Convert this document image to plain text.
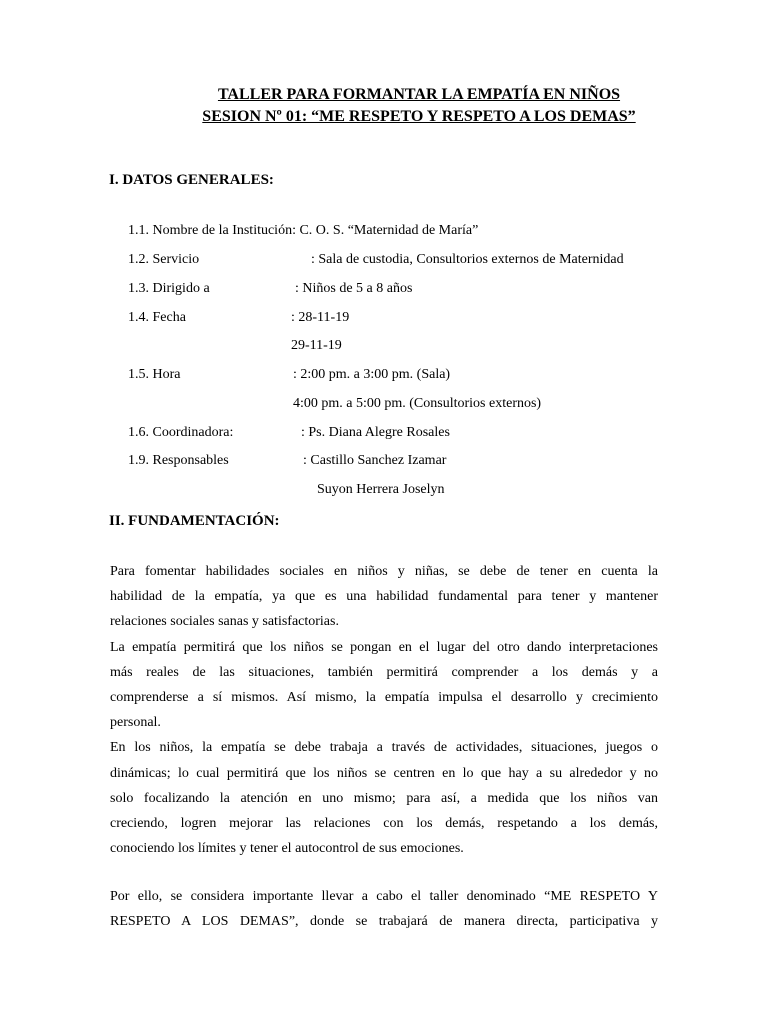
TALLER PARA FORMANTAR LA EMPATÍA EN NIÑOS
SESION Nº 01: “ME RESPETO Y RESPETO A LOS DEMAS”
I. DATOS GENERALES:
1.1. Nombre de la Institución: C. O. S. “Maternidad de María”
1.2. Servicio	: Sala de custodia, Consultorios externos de Maternidad
1.3. Dirigido a	: Niños de 5 a 8 años
1.4. Fecha	: 28-11-19
29-11-19
1.5. Hora	: 2:00 pm. a 3:00 pm. (Sala)
4:00 pm. a 5:00 pm. (Consultorios externos)
1.6. Coordinadora:	: Ps. Diana Alegre Rosales
1.9. Responsables	: Castillo Sanchez Izamar
Suyon Herrera Joselyn
II. FUNDAMENTACIÓN:
Para fomentar habilidades sociales en niños y niñas, se debe de tener en cuenta la
habilidad de la empatía, ya que es una habilidad fundamental para tener y mantener
relaciones sociales sanas y satisfactorias.
La empatía permitirá que los niños se pongan en el lugar del otro dando interpretaciones
más reales de las situaciones, también permitirá comprender a los demás y a
comprenderse a sí mismos. Así mismo, la empatía impulsa el desarrollo y crecimiento
personal.
En los niños, la empatía se debe trabaja a través de actividades, situaciones, juegos o
dinámicas; lo cual permitirá que los niños se centren en lo que hay a su alrededor y no
solo focalizando la atención en uno mismo; para así, a medida que los niños van
creciendo, logren mejorar las relaciones con los demás, respetando a los demás,
conociendo los límites y tener el autocontrol de sus emociones.
Por ello, se considera importante llevar a cabo el taller denominado “ME RESPETO Y
RESPETO A LOS DEMAS”, donde se trabajará de manera directa, participativa y
